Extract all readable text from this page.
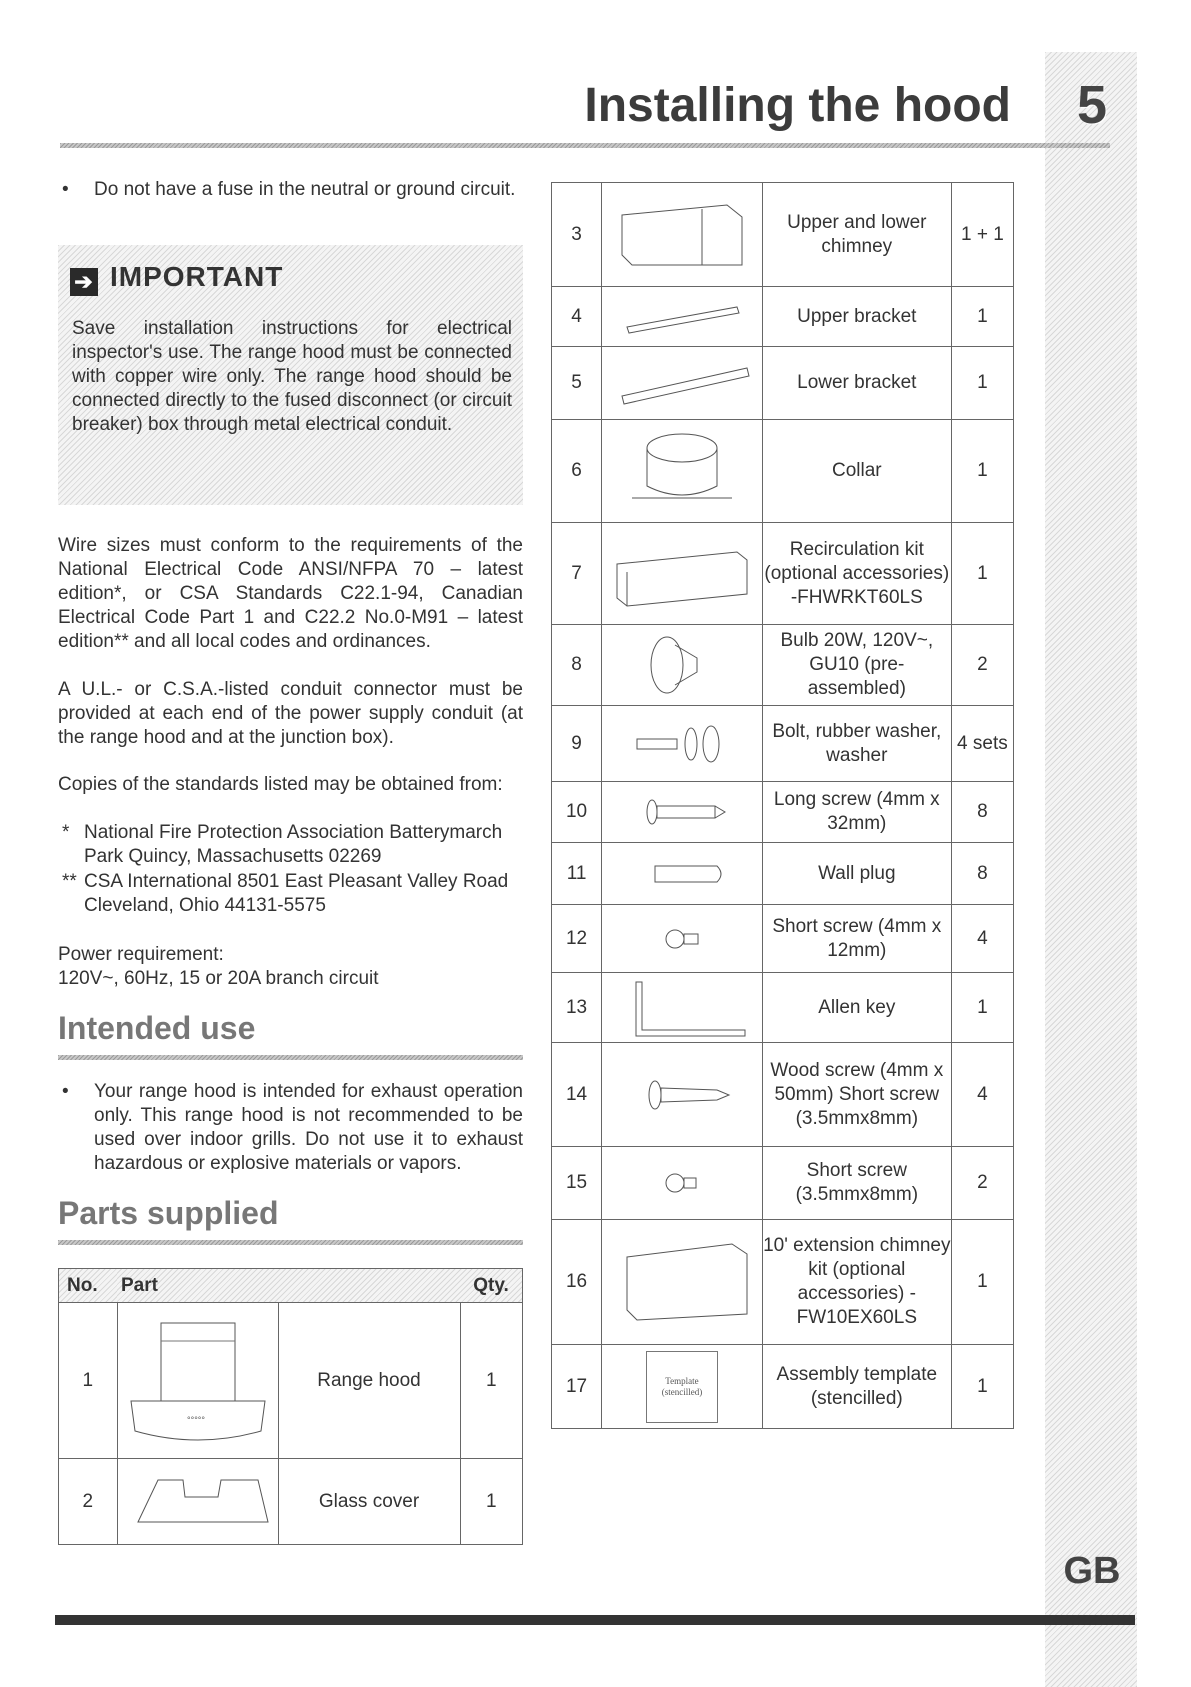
5
GB
Installing the hood
•	Do not have a fuse in the neutral or ground circuit.
➔ IMPORTANT
Save installation instructions for electrical inspector's use. The range hood must be connected with copper wire only. The range hood should be connected directly to the fused disconnect (or circuit breaker) box through metal electrical conduit.
Wire sizes must conform to the requirements of the National Electrical Code ANSI/NFPA 70 – latest edition*, or CSA Standards C22.1-94, Canadian Electrical Code Part 1 and C22.2 No.0-M91 – latest edition** and all local codes and ordinances.
A U.L.- or C.S.A.-listed conduit connector must be provided at each end of the power supply conduit (at the range hood and at the junction box).
Copies of the standards listed may be obtained from:
* National Fire Protection Association Batterymarch Park Quincy, Massachusetts 02269
** CSA International 8501 East Pleasant Valley Road Cleveland, Ohio 44131-5575
Power requirement:
120V~, 60Hz, 15 or 20A branch circuit
Intended use
•	Your range hood is intended for exhaust operation only. This range hood is not recommended to be used over indoor grills. Do not use it to exhaust hazardous or explosive materials or vapors.
Parts supplied
No.	Part		Qty.
1	°°°°°	Range hood	1
2		Glass cover	1
3		Upper and lower chimney	1 + 1
4		Upper bracket	1
5		Lower bracket	1
6		Collar	1
7		Recirculation kit (optional accessories) -FHWRKT60LS	1
8		Bulb 20W, 120V~, GU10 (pre-assembled)	2
9		Bolt, rubber washer, washer	4 sets
10		Long screw (4mm x 32mm)	8
11		Wall plug	8
12		Short screw (4mm x 12mm)	4
13		Allen key	1
14		Wood screw (4mm x 50mm) Short screw (3.5mmx8mm)	4
15		Short screw (3.5mmx8mm)	2
16		10' extension chimney kit (optional accessories) -FW10EX60LS	1
17	Template (stencilled)	Assembly template (stencilled)	1
